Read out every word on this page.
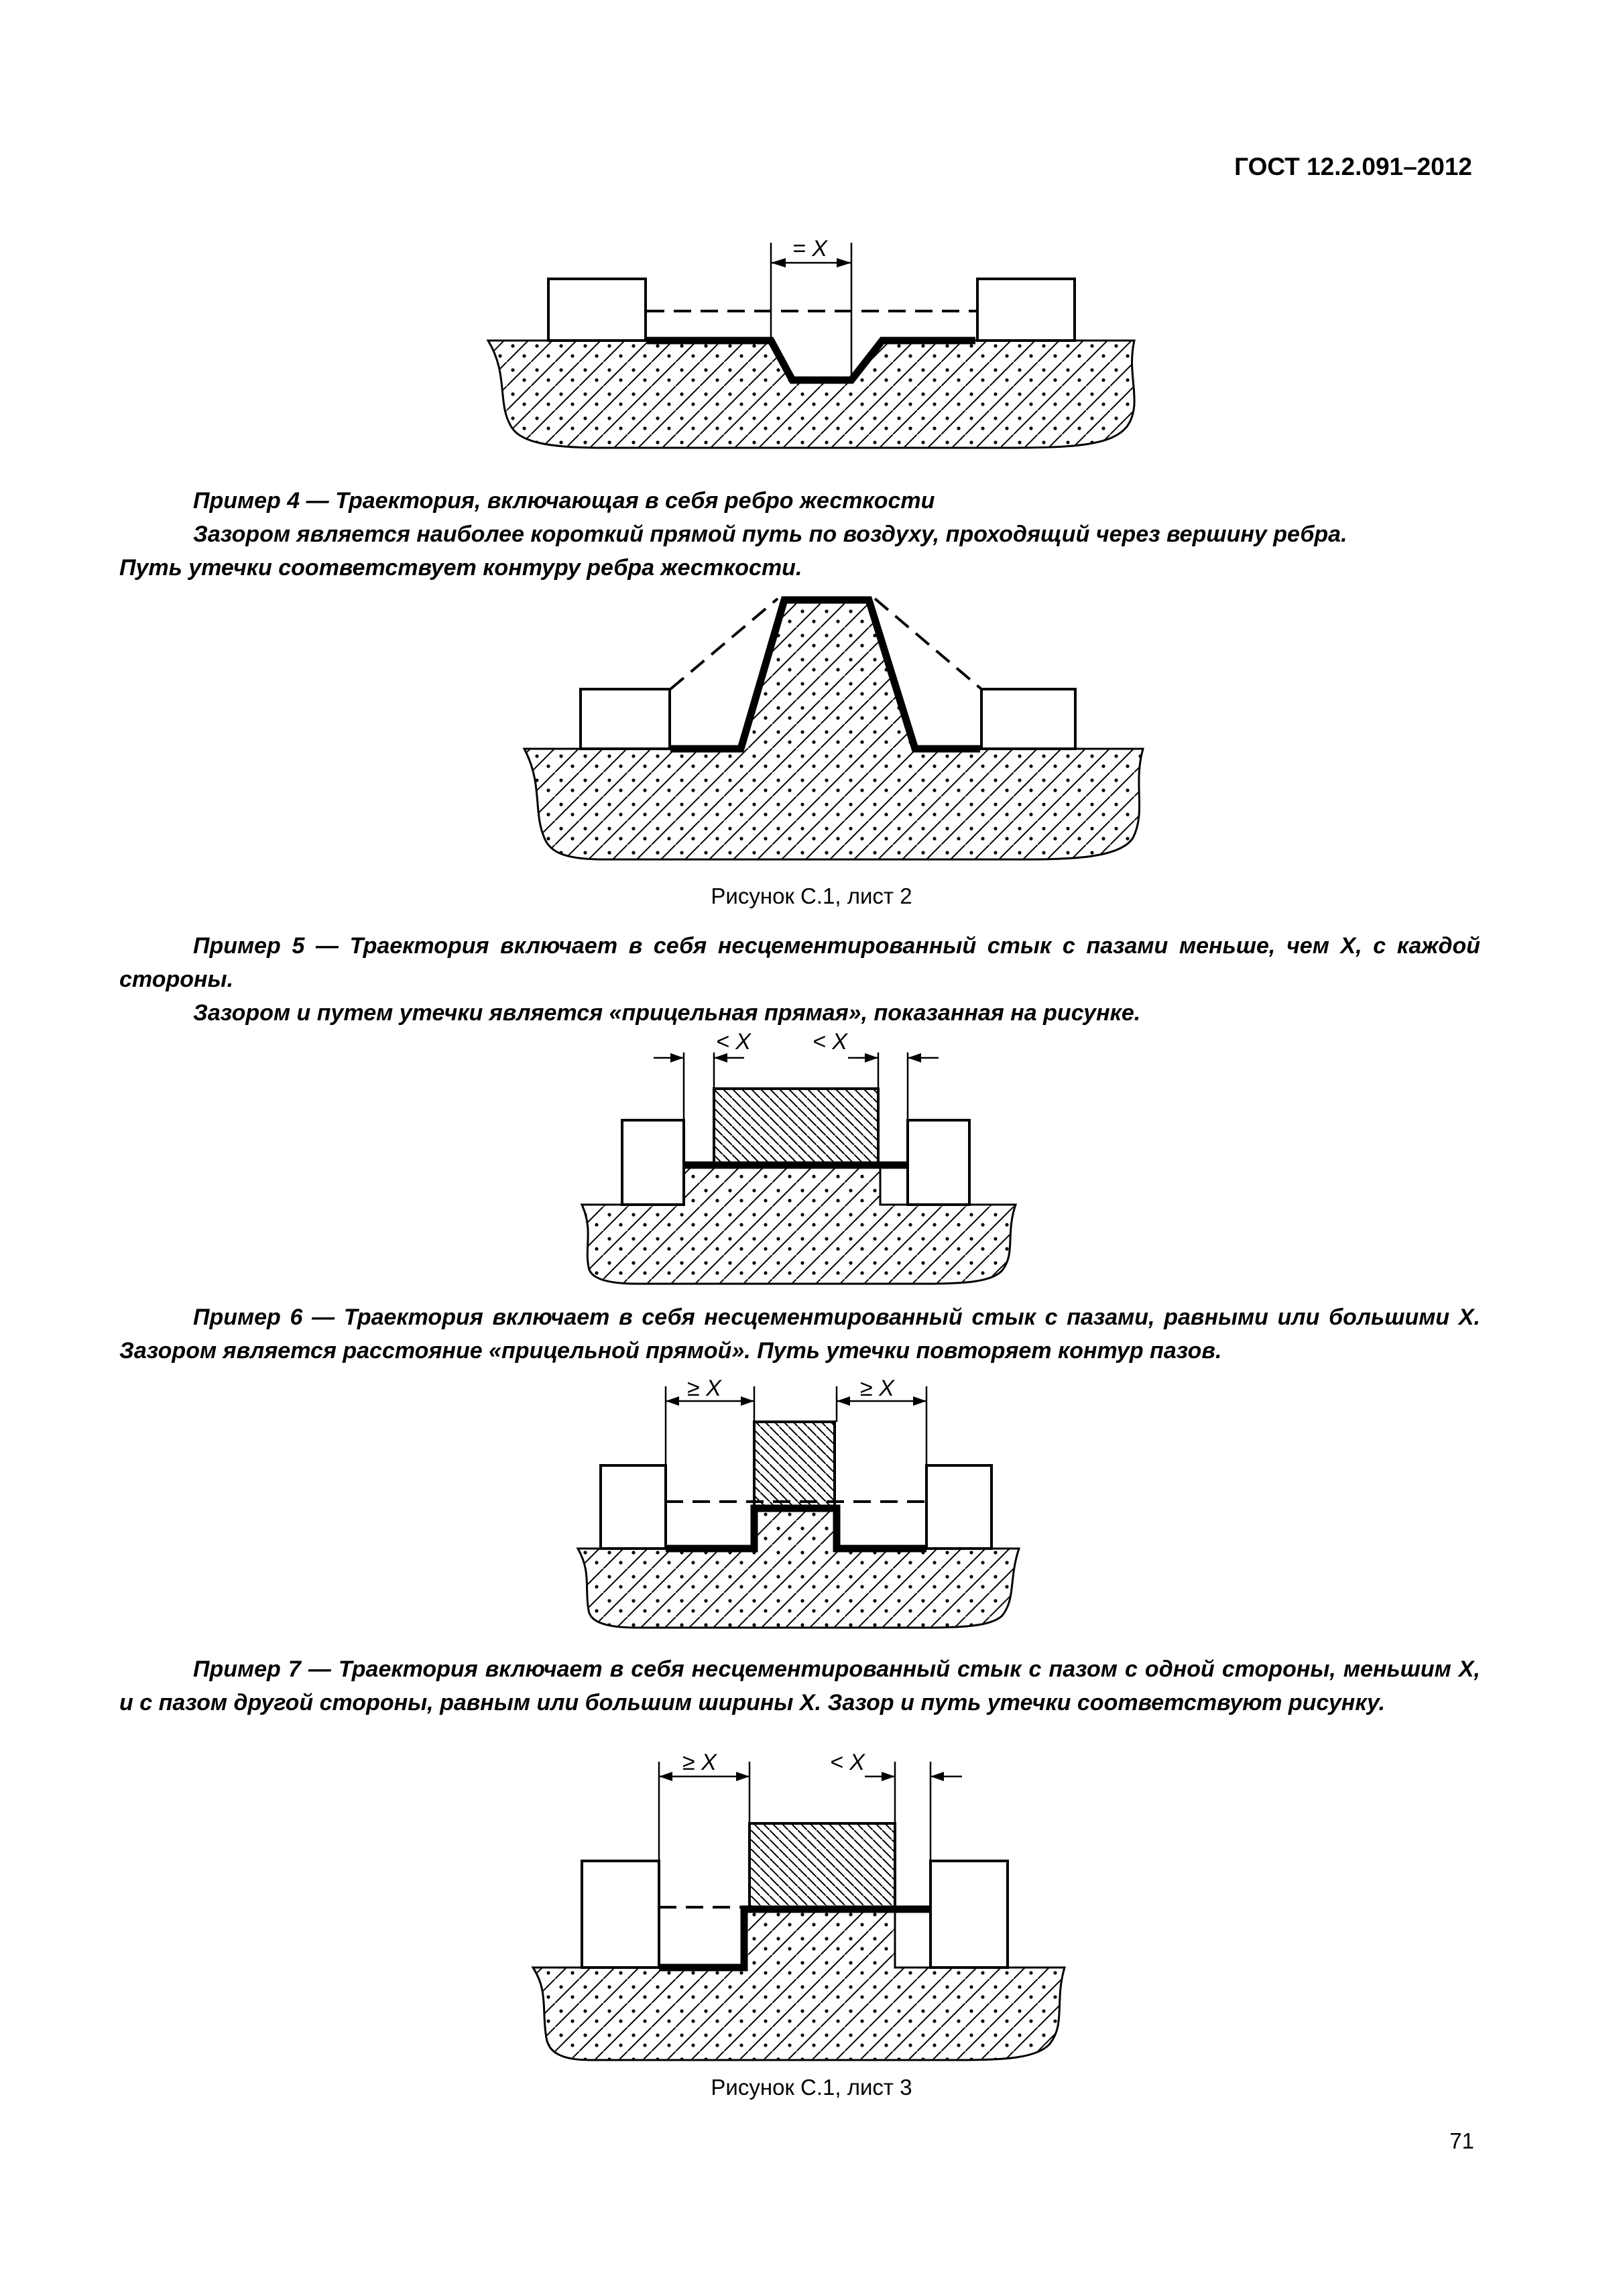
ГОСТ 12.2.091–2012
= X

Пример 4 — Траектория, включающая в себя ребро жесткости

Зазором является наиболее короткий прямой путь по воздуху, проходящий через вершину ребра.

Путь утечки соответствует контуру ребра жесткости.

Рисунок С.1, лист 2

Пример 5 — Траектория включает в себя несцементированный стык с пазами меньше, чем X, с каждой стороны.

Зазором и путем утечки является «прицельная прямая», показанная на рисунке.

< X	< X

Пример 6 — Траектория включает в себя несцементированный стык с пазами, равными или большими X. Зазором является расстояние «прицельной прямой». Путь утечки повторяет контур пазов.

≥ X	≥ X

Пример 7 — Траектория включает в себя несцементированный стык с пазом с одной стороны, меньшим X, и с пазом другой стороны, равным или большим ширины X. Зазор и путь утечки соответствуют рисунку.

≥ X	< X
Рисунок С.1, лист 3
71
